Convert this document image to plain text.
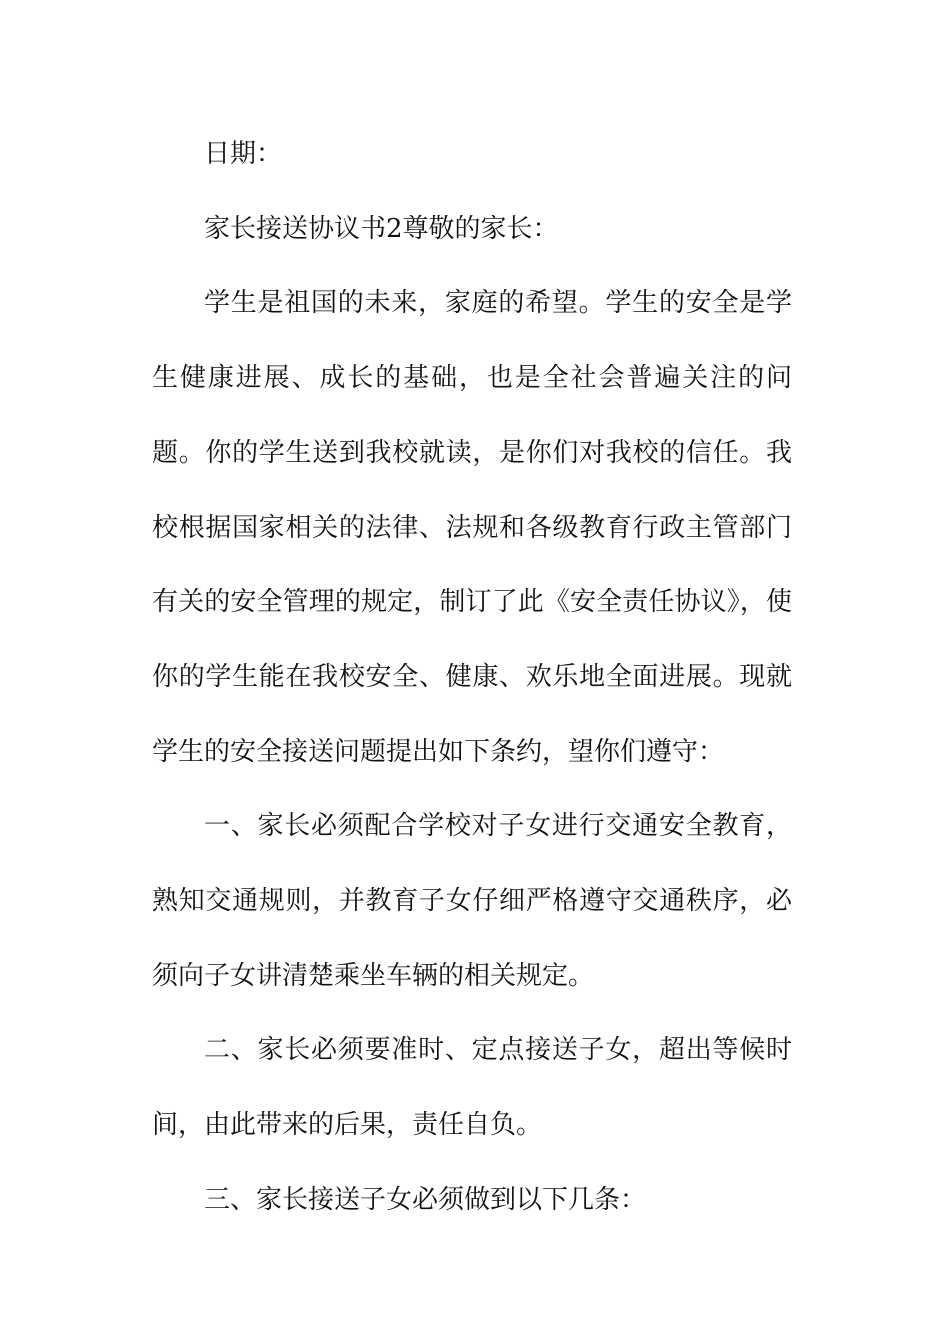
日期：

家长接送协议书2尊敬的家长：

学生是祖国的未来，家庭的希望。学生的安全是学生健康进展、成长的基础，也是全社会普遍关注的问题。你的学生送到我校就读，是你们对我校的信任。我校根据国家相关的法律、法规和各级教育行政主管部门有关的安全管理的规定，制订了此《安全责任协议》，使你的学生能在我校安全、健康、欢乐地全面进展。现就学生的安全接送问题提出如下条约，望你们遵守：

一、家长必须配合学校对子女进行交通安全教育，熟知交通规则，并教育子女仔细严格遵守交通秩序，必须向子女讲清楚乘坐车辆的相关规定。

二、家长必须要准时、定点接送子女，超出等候时间，由此带来的后果，责任自负。

三、家长接送子女必须做到以下几条：
